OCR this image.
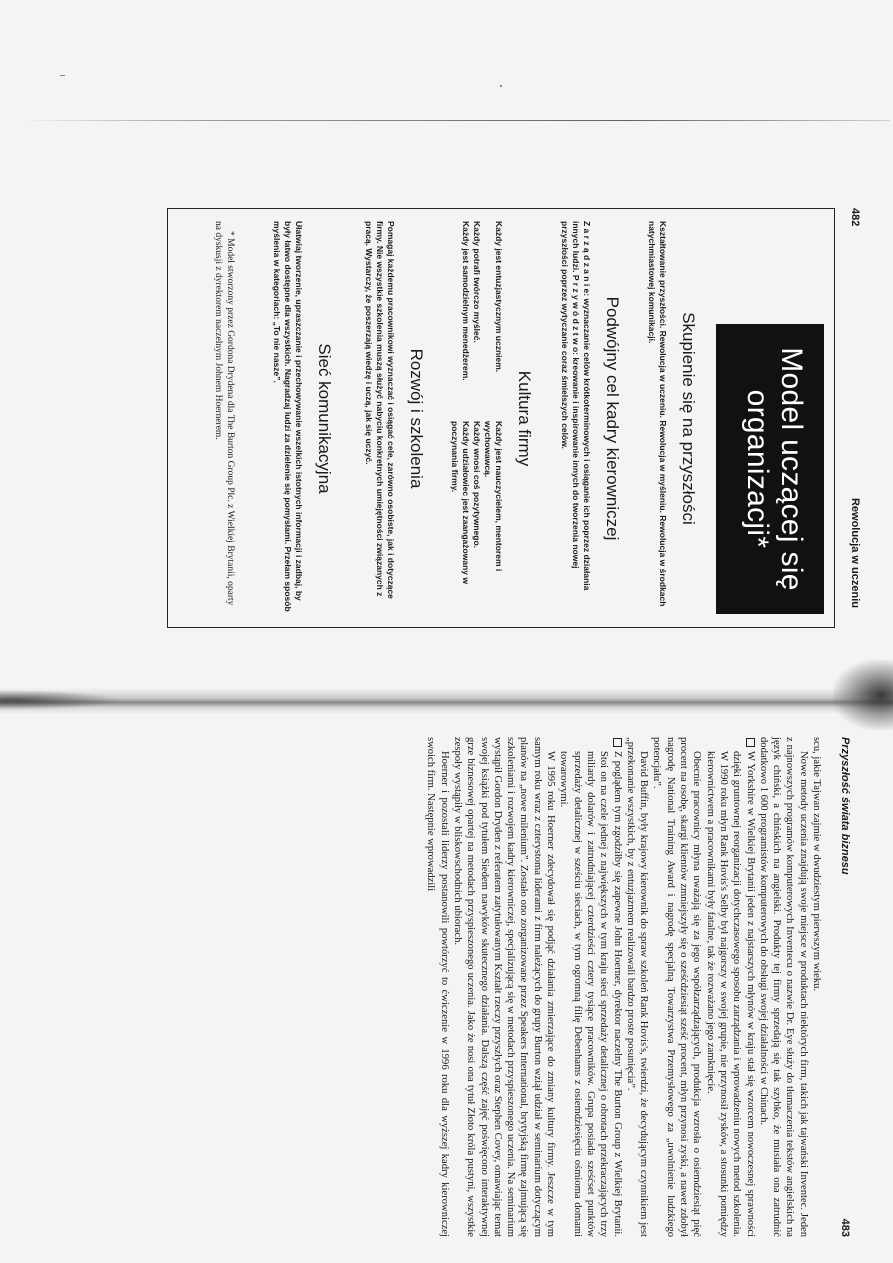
482
Rewolucja w uczeniu
Model uczącej się organizacji*
Skupienie się na przyszłości

Kształtowanie przyszłości. Rewolucja w uczeniu. Rewolucja w myśleniu. Rewolucja w środkach natychmiastowej komunikacji.

Podwójny cel kadry kierowniczej

Z a r z ą d z a n i e: wyznaczanie celów krótkoterminowych i osiąganie ich poprzez działania innych ludzi. P r z y w ó d z t w o: kreowanie i inspirowanie innych do tworzenia nowej przyszłości poprzez wytyczanie coraz śmielszych celów.

Kultura firmy

Każdy jest entuzjastycznym uczniem.

Każdy potrafi twórczo myśleć.

Każdy jest samodzielnym menedżerem.

Każdy jest nauczycielem, mentorem i wychowawcą.

Każdy wnosi coś pozytywnego.

Każdy udziałowiec jest zaangażowany w poczynania firmy.

Rozwój i szkolenia

Pomagaj każdemu pracownikowi wyznaczać i osiągać cele, zarówno osobiste, jak i dotyczące firmy. Nie wszystkie szkolenia muszą służyć nabyciu konkretnych umiejętności związanych z pracą. Wystarczy, że poszerzają wiedzę i uczą, jak się uczyć.

Sieć komunikacyjna

Ułatwiaj tworzenie, upraszczanie i przechowywanie wszelkich istotnych informacji i zadbaj, by były łatwo dostępne dla wszystkich. Nagradzaj ludzi za dzielenie się pomysłami. Przełam sposób myślenia w kategoriach: „To nie nasze”.

* Model stworzony przez Gordona Drydena dla The Burton Group Plc. z Wielkiej Brytanii, oparty na dyskusji z dyrektorem naczelnym Johnem Hoernerem.

Przyszłość świata biznesu
483

scu, jakie Tajwan zajmie w dwudziestym pierwszym wieku.

Nowe metody uczenia znajdują swoje miejsce w produktach niektórych firm, takich jak tajwański Inventec. Jeden z najnowszych programów komputerowych Inventecu o nazwie Dr. Eye służy do tłumaczenia tekstów angielskich na język chiński, a chińskich na angielski. Produkty tej firmy sprzedają się tak szybko, że musiała ona zatrudnić dodatkowo 1 600 programistów komputerowych do obsługi swojej działalności w Chinach.

W Yorkshire w Wielkiej Brytanii jeden z najstarszych młynów w kraju stał się wzorcem nowoczesnej sprawności dzięki gruntownej reorganizacji dotychczasowego sposobu zarządzania i wprowadzeniu nowych metod szkolenia. W 1990 roku młyn Rank Hovis's Selby był najgorszy w swojej grupie, nie przynosił zysków, a stosunki pomiędzy kierownictwem a pracownikami były fatalne, tak że rozważano jego zamknięcie.

Obecnie pracownicy młyna uważają się za jego współzarządzających, produkcja wzrosła o osiemdziesiąt pięć procent na osobę, skargi klientów zmniejszyły się o sześćdziesiąt sześć procent, młyn przynosi zyski, a nawet zdobył nagrodę National Training Award i nagrodę specjalną Towarzystwa Przemysłowego za „uwolnienie ludzkiego potencjału”.

David Buffin, były krajowy kierownik do spraw szkoleń Rank Hovis's, twierdzi, że decydującym czynnikiem jest „przekonanie wszystkich, by z entuzjazmem realizowali bardzo proste posunięcia”.

Z poglądem tym zgodziłby się zapewne John Hoerner, dyrektor naczelny The Burton Group z Wielkiej Brytanii. Stoi on na czele jednej z największych w tym kraju sieci sprzedaży detalicznej o obrotach przekraczających trzy miliardy dolarów i zatrudniającej czterdzieści cztery tysiące pracowników. Grupa posiada sześćset punktów sprzedaży detalicznej w sześciu sieciach, w tym ogromną filię Debenhams z osiemdziesięciu ośmioma domami towarowymi.

W 1995 roku Hoerner zdecydował się podjąć działania zmierzające do zmiany kultury firmy. Jeszcze w tym samym roku wraz z czterystoma liderami z firm należących do grupy Burton wziął udział w seminarium dotyczącym planów na „nowe milenium”. Zostało ono zorganizowane przez Speakers International, brytyjską firmę zajmującą się szkoleniami i rozwojem kadry kierowniczej, specjalizującą się w metodach przyspieszonego uczenia. Na seminarium wystąpił Gordon Dryden z referatem zatytułowanym Kształt rzeczy przyszłych oraz Stephen Covey, omawiając temat swojej książki pod tytułem Siedem nawyków skutecznego działania. Dalszą część zajęć poświęcono interaktywnej grze biznesowej opartej na metodach przyspieszonego uczenia. Jako że nosi ona tytuł Złoto króla pustyni, wszystkie zespoły wystąpiły w bliskowschodnich ubiorach.

Hoerner i pozostali liderzy postanowili powtórzyć to ćwiczenie w 1996 roku dla wyższej kadry kierowniczej swoich firm. Następnie wprowadzili
